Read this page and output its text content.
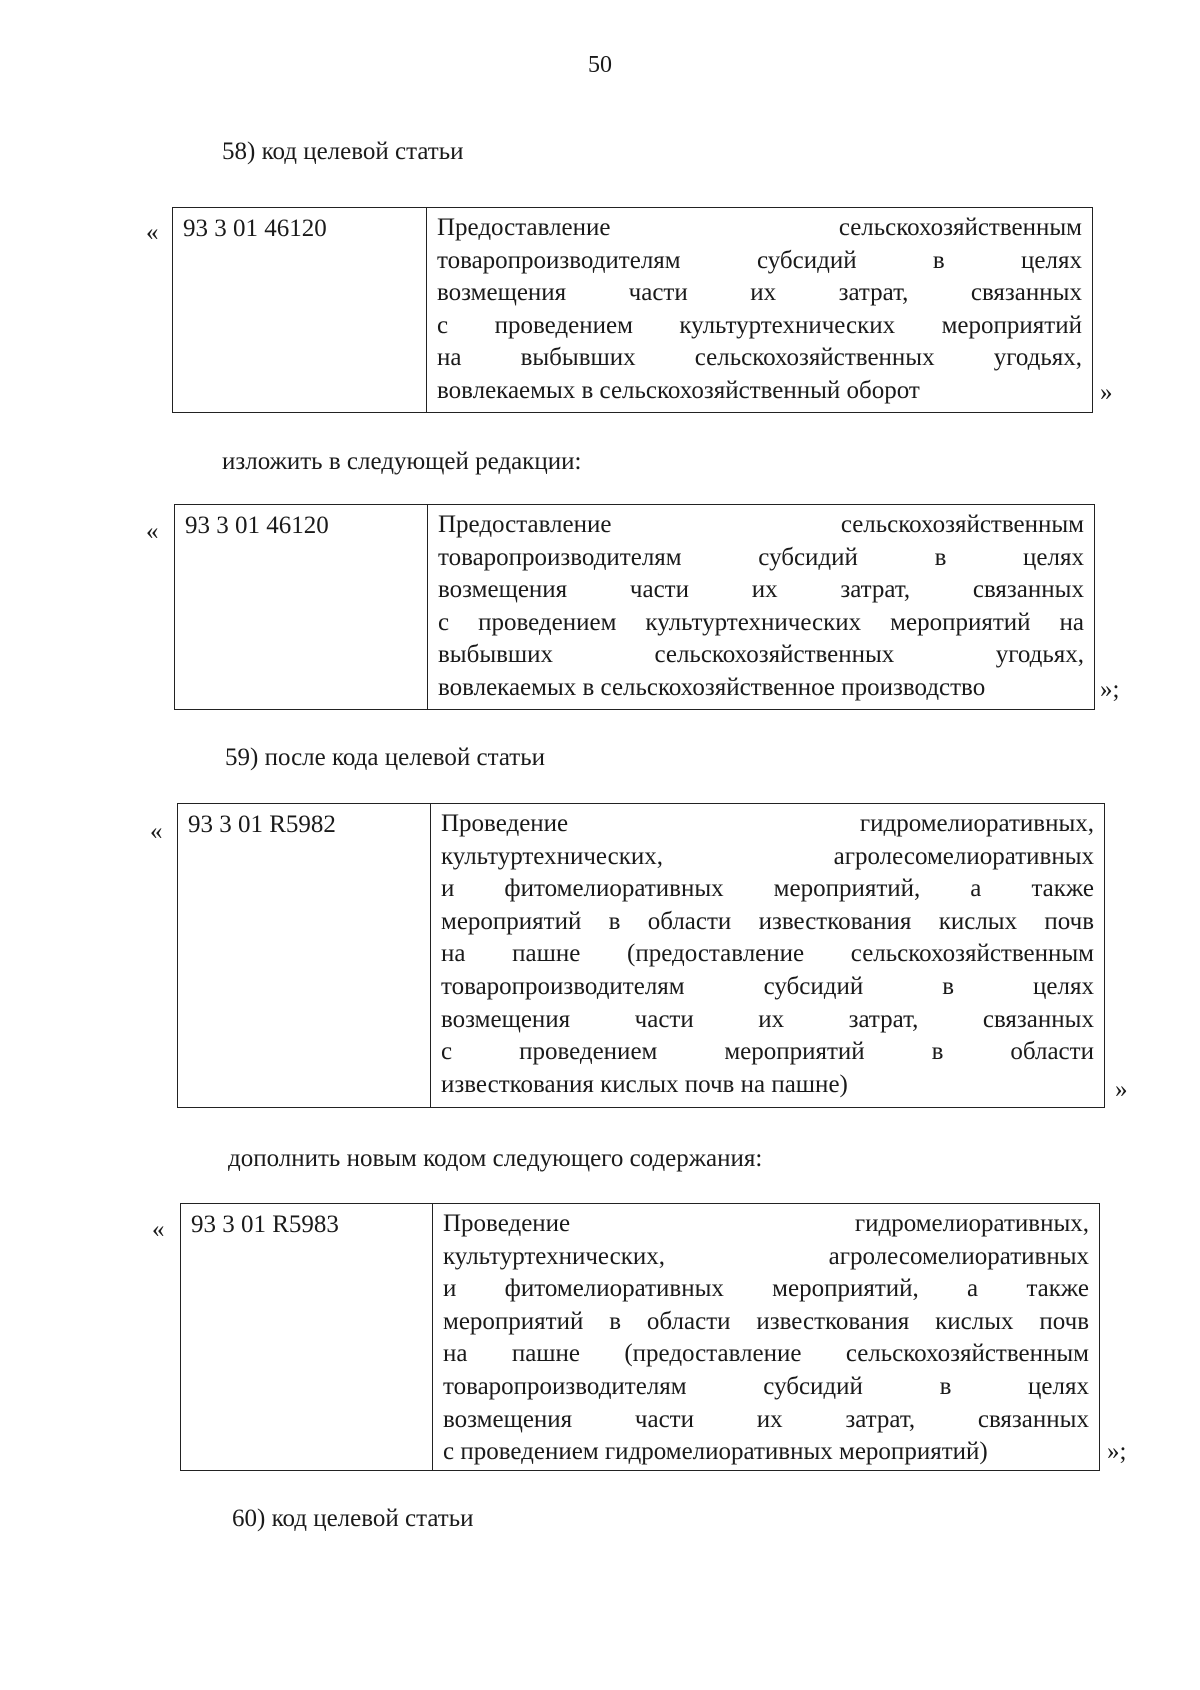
50
58) код целевой статьи
« 93 3 01 46120	Предоставление	сельскохозяйственным
товаропроизводителям	субсидий	в	целях
возмещения части их затрат, связанных
с проведением культуртехнических мероприятий
на выбывших сельскохозяйственных угодьях,
вовлекаемых в сельскохозяйственный оборот	»
изложить в следующей редакции:
« 93 3 01 46120	Предоставление	сельскохозяйственным
товаропроизводителям	субсидий	в	целях
возмещения	части	их	затрат,	связанных
с проведением культуртехнических мероприятий на
выбывших	сельскохозяйственных	угодьях,
вовлекаемых в сельскохозяйственное производство	»;
59) после кода целевой статьи
« 93 3 01 R5982	Проведение	гидромелиоративных,
культуртехнических,	агролесомелиоративных
и фитомелиоративных мероприятий, а также
мероприятий в области известкования кислых почв
на пашне (предоставление сельскохозяйственным
товаропроизводителям	субсидий	в	целях
возмещения	части	их	затрат,	связанных
с	проведением	мероприятий	в	области
известкования кислых почв на пашне)	»
дополнить новым кодом следующего содержания:
« 93 3 01 R5983	Проведение	гидромелиоративных,
культуртехнических,	агролесомелиоративных
и фитомелиоративных мероприятий, а также
мероприятий в области известкования кислых почв
на пашне (предоставление сельскохозяйственным
товаропроизводителям	субсидий	в	целях
возмещения	части	их	затрат,	связанных
с проведением гидромелиоративных мероприятий)	»;
60) код целевой статьи
